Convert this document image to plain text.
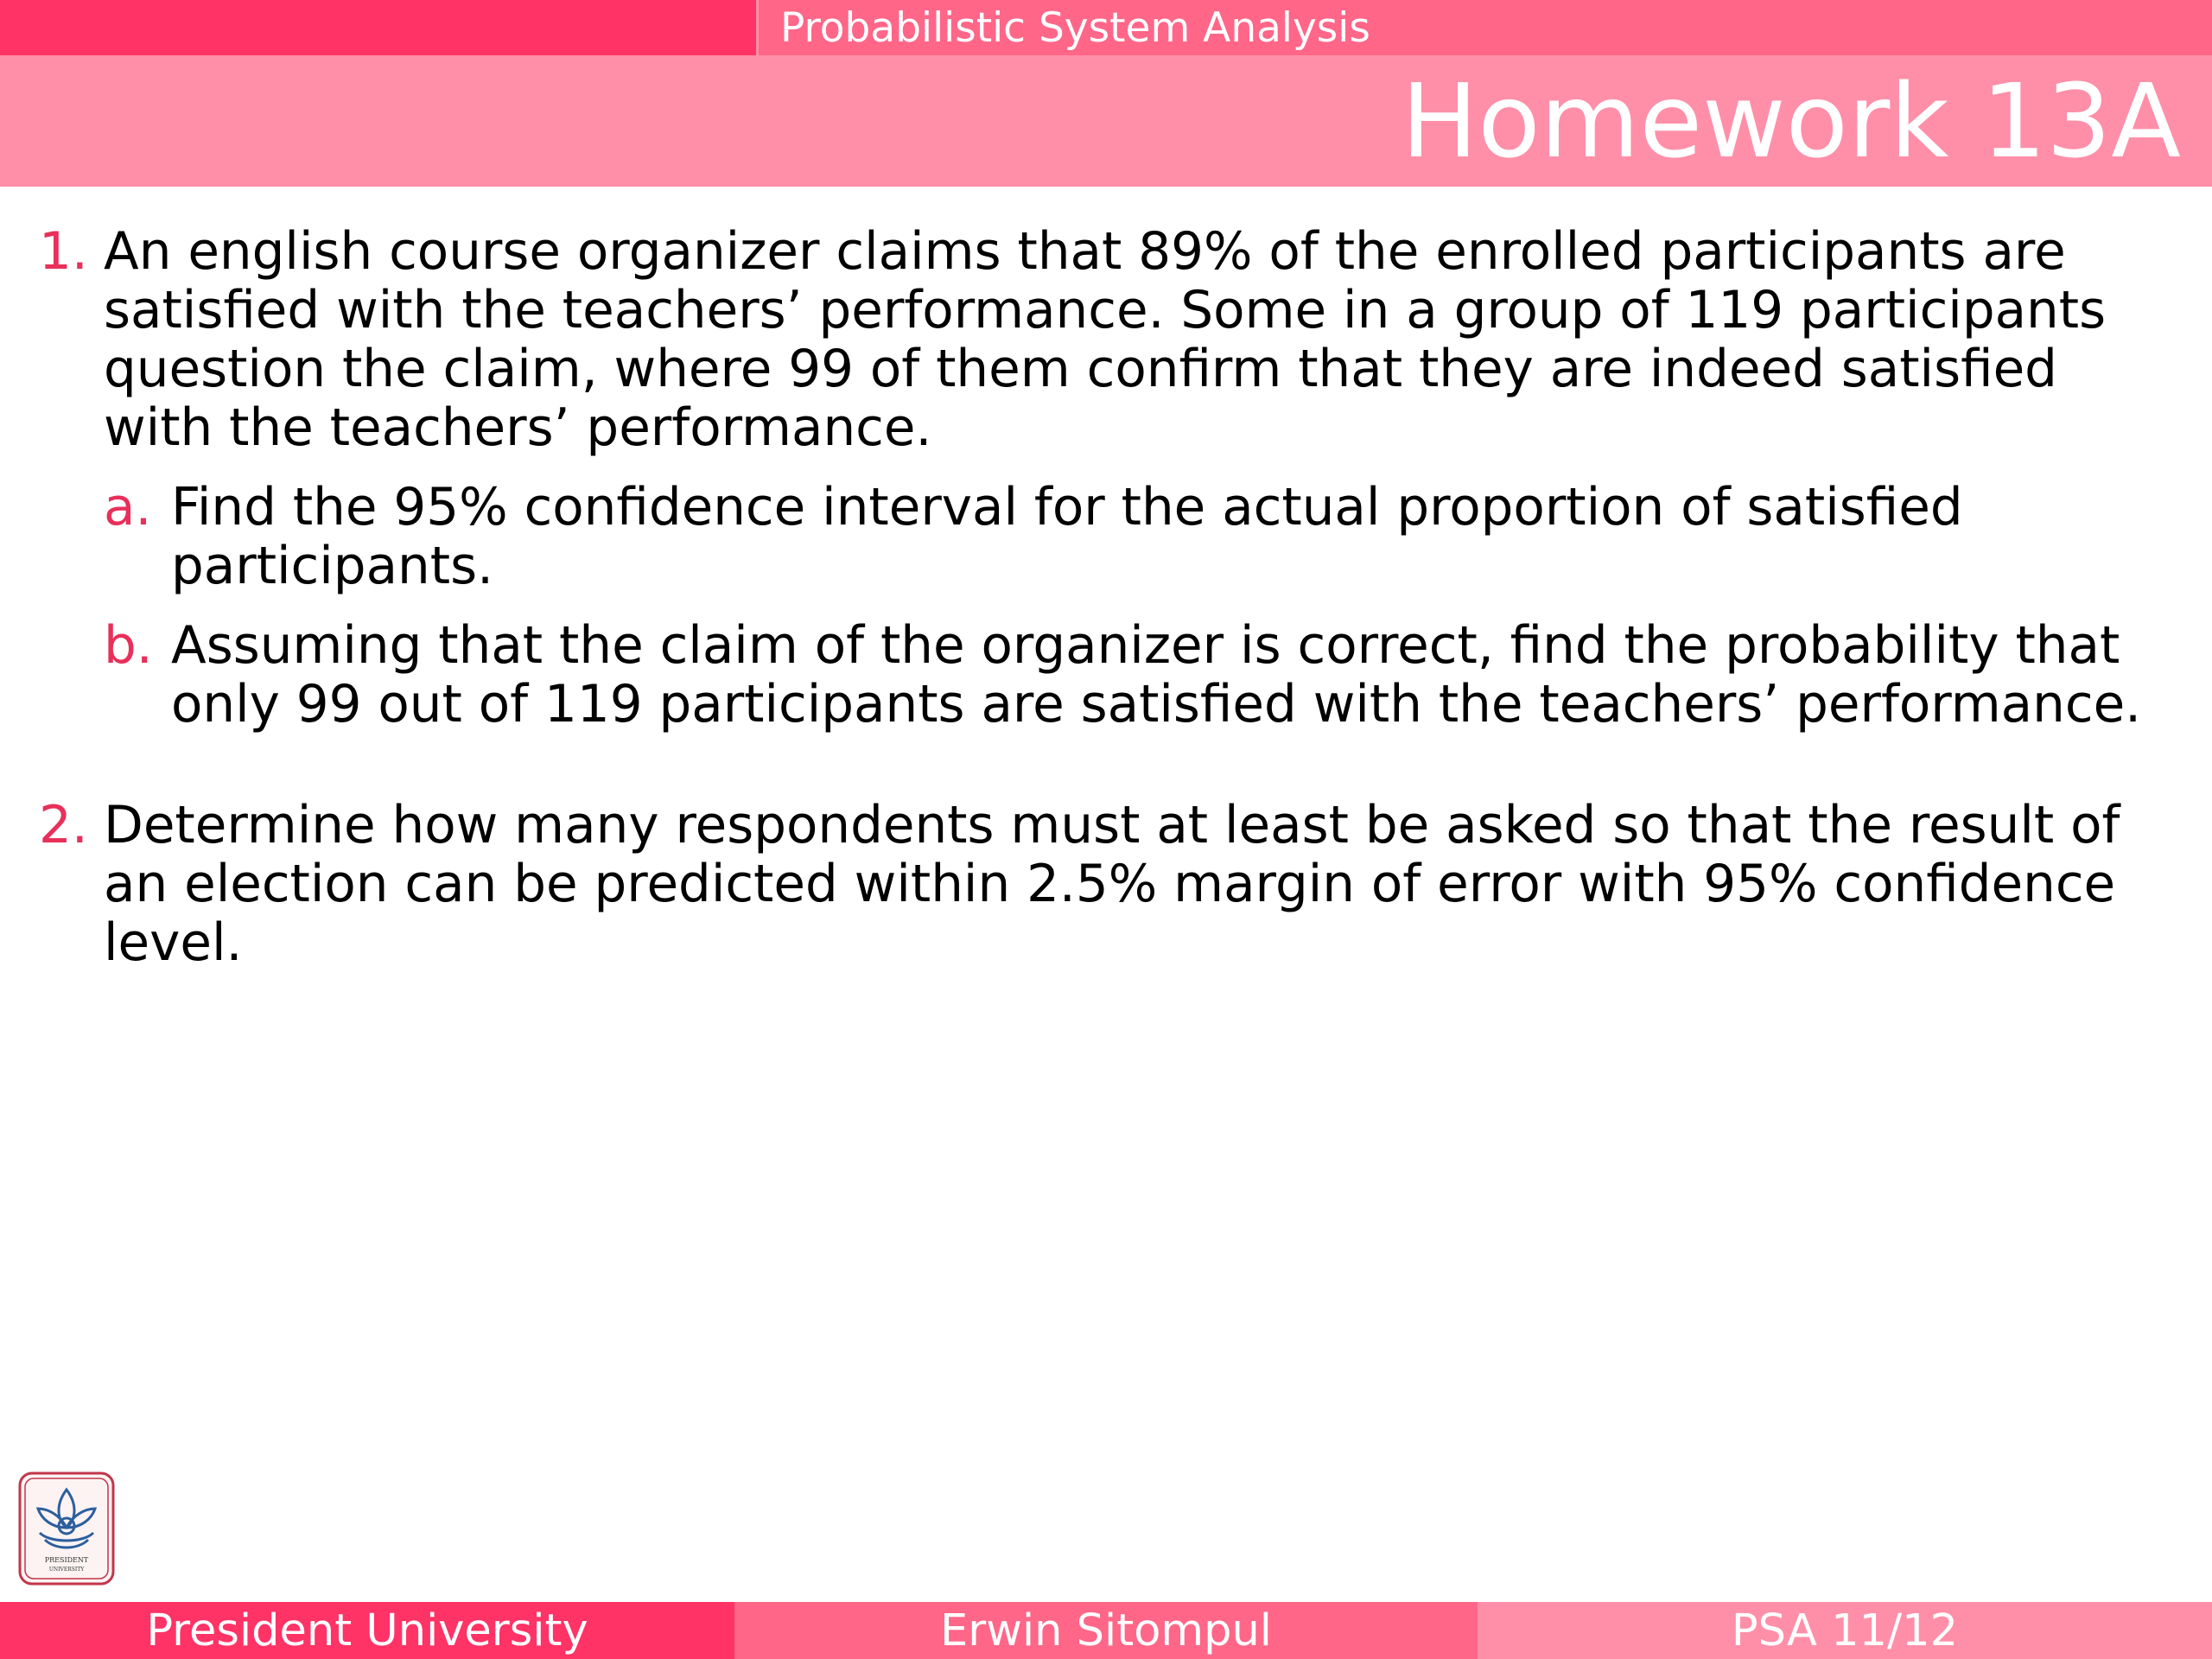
Probabilistic System Analysis
Homework 13A
1. An english course organizer claims that 89% of the enrolled participants are satisfied with the teachers’ performance. Some in a group of 119 participants question the claim, where 99 of them confirm that they are indeed satisfied with the teachers’ performance.
a. Find the 95% confidence interval for the actual proportion of satisfied participants.
b. Assuming that the claim of the organizer is correct, find the probability that only 99 out of 119 participants are satisfied with the teachers’ performance.
2. Determine how many respondents must at least be asked so that the result of an election can be predicted within 2.5% margin of error with 95% confidence level.
PRESIDENT
UNIVERSITY
President University	Erwin Sitompul	PSA 11/12
